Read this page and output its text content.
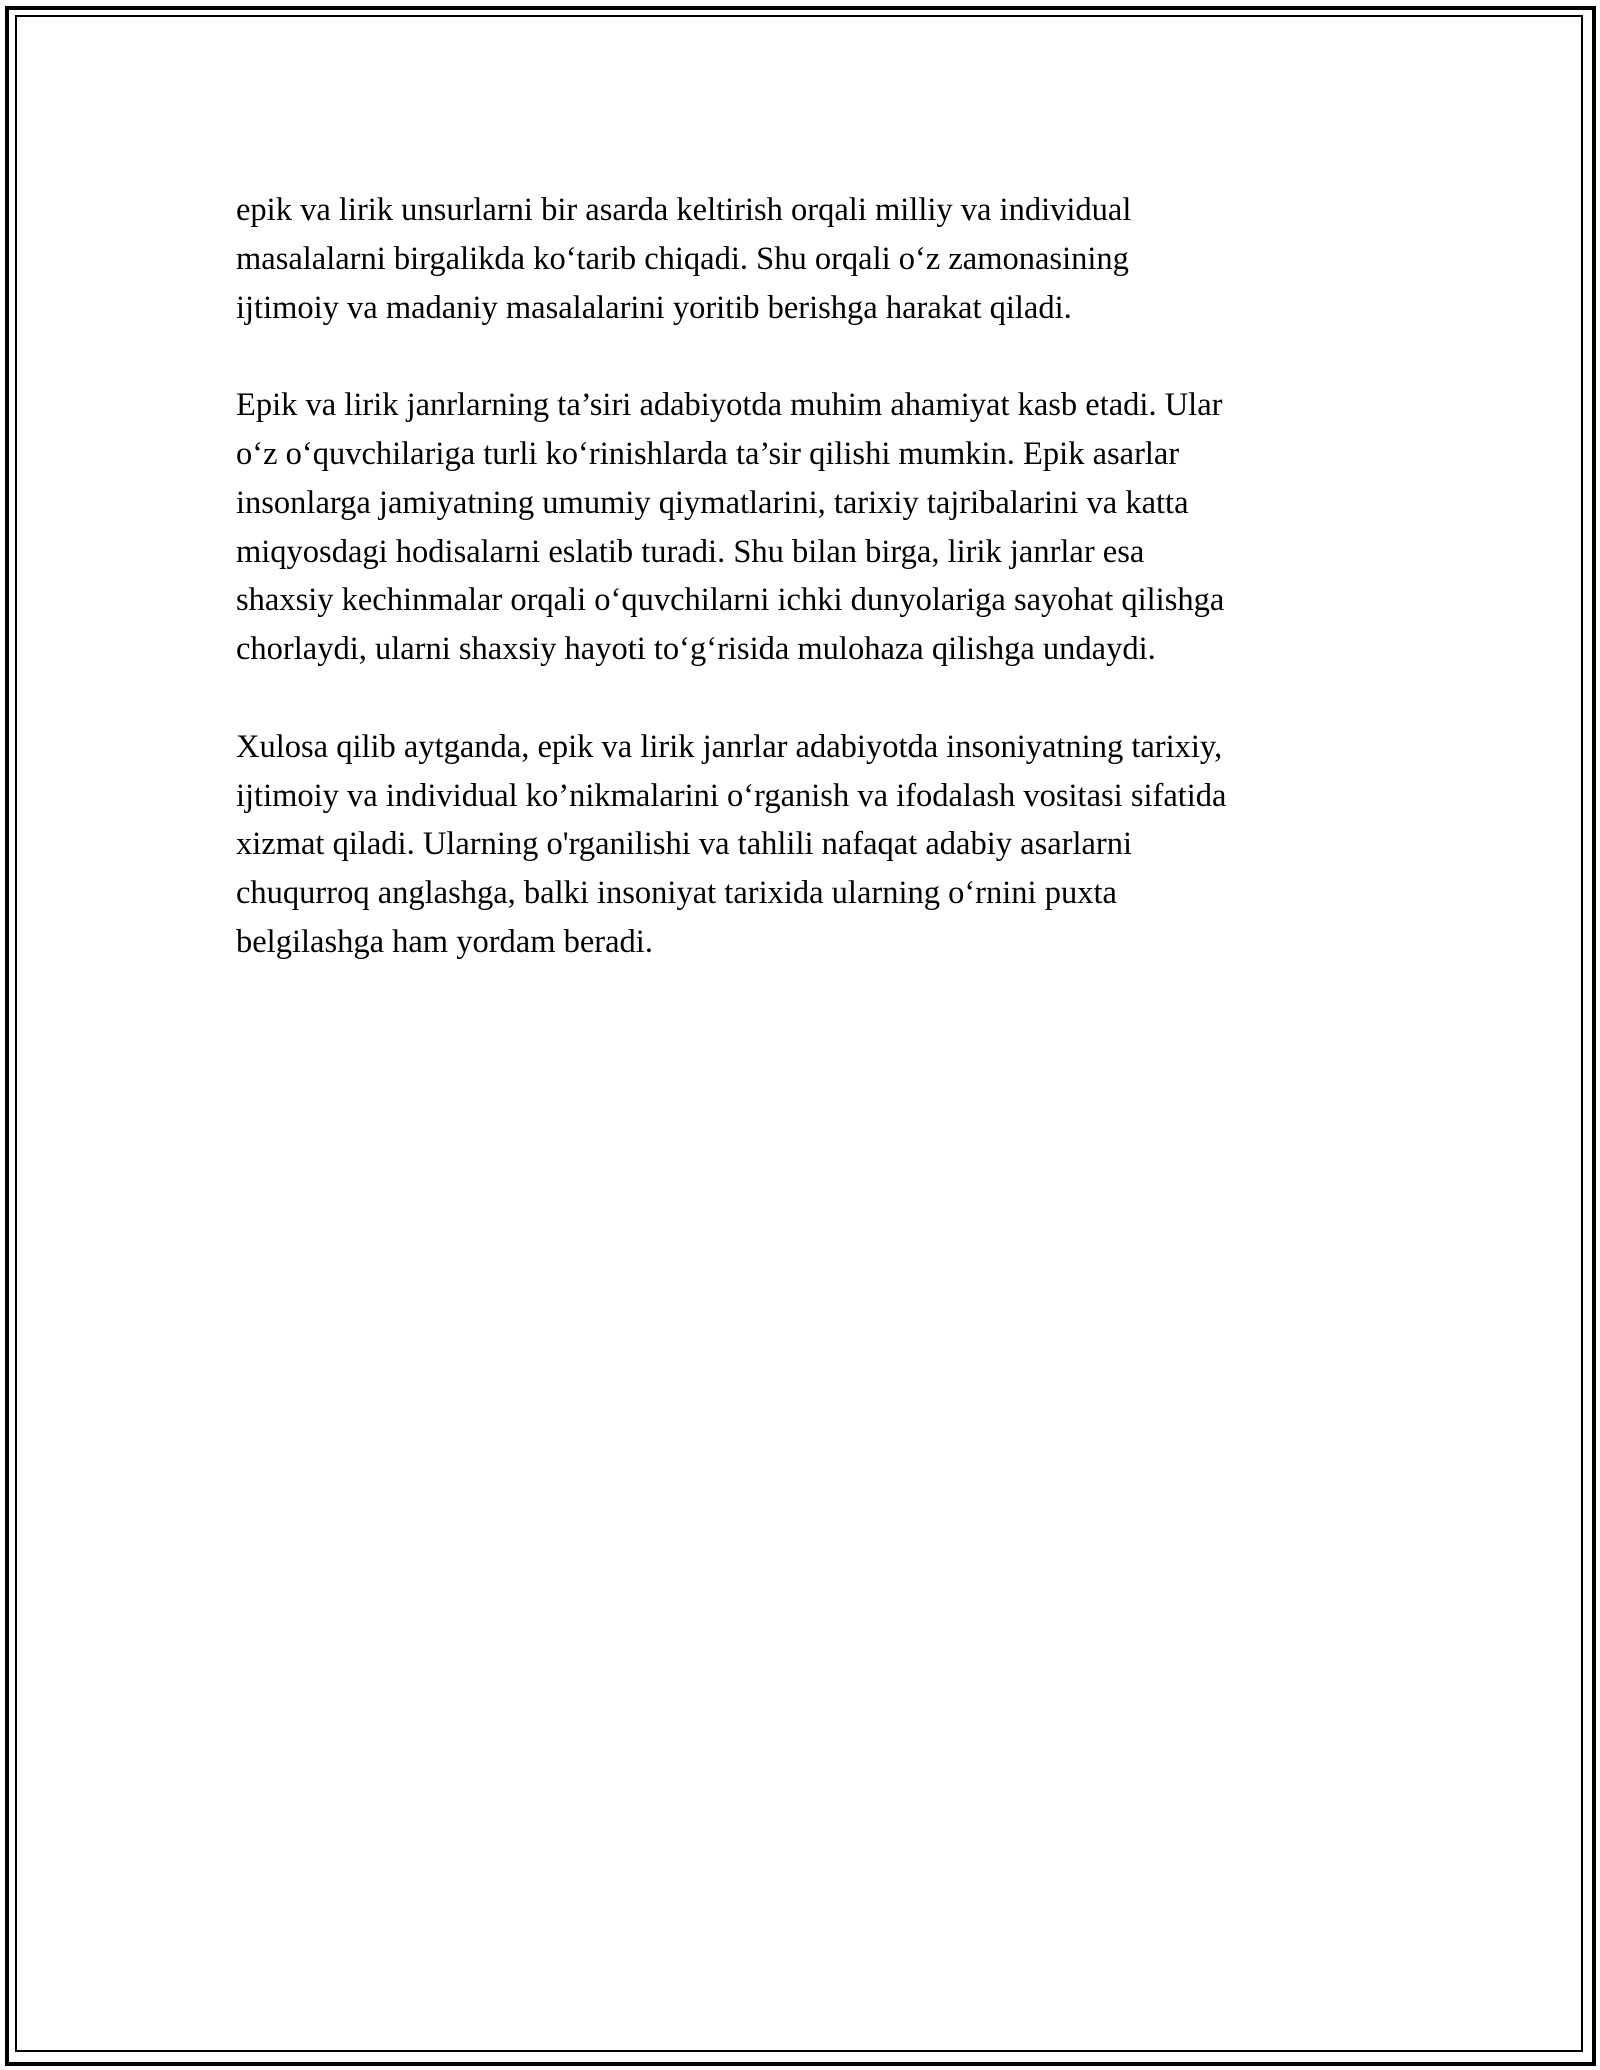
epik va lirik unsurlarni bir asarda keltirish orqali milliy va individual
masalalarni birgalikda ko‘tarib chiqadi. Shu orqali o‘z zamonasining
ijtimoiy va madaniy masalalarini yoritib berishga harakat qiladi.

Epik va lirik janrlarning ta’siri adabiyotda muhim ahamiyat kasb etadi. Ular
o‘z o‘quvchilariga turli ko‘rinishlarda ta’sir qilishi mumkin. Epik asarlar
insonlarga jamiyatning umumiy qiymatlarini, tarixiy tajribalarini va katta
miqyosdagi hodisalarni eslatib turadi. Shu bilan birga, lirik janrlar esa
shaxsiy kechinmalar orqali o‘quvchilarni ichki dunyolariga sayohat qilishga
chorlaydi, ularni shaxsiy hayoti to‘g‘risida mulohaza qilishga undaydi.

Xulosa qilib aytganda, epik va lirik janrlar adabiyotda insoniyatning tarixiy,
ijtimoiy va individual ko’nikmalarini o‘rganish va ifodalash vositasi sifatida
xizmat qiladi. Ularning o'rganilishi va tahlili nafaqat adabiy asarlarni
chuqurroq anglashga, balki insoniyat tarixida ularning o‘rnini puxta
belgilashga ham yordam beradi.
